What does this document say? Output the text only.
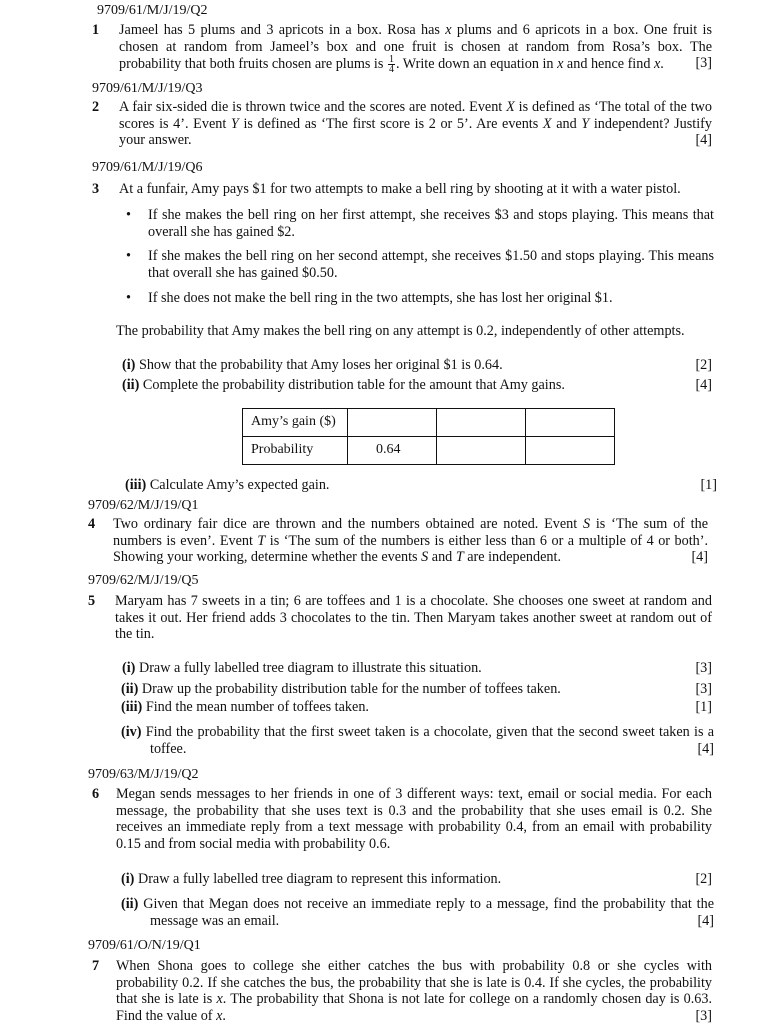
9709/61/M/J/19/Q2
1 Jameel has 5 plums and 3 apricots in a box. Rosa has x plums and 6 apricots in a box. One fruit is chosen at random from Jameel’s box and one fruit is chosen at random from Rosa’s box. The probability that both fruits chosen are plums is $\frac{1}{4}$ . Write down an equation in x and hence find x.	[3]
9709/61/M/J/19/Q3
2 A fair six-sided die is thrown twice and the scores are noted. Event X is defined as ‘The total of the two scores is 4’. Event Y is defined as ‘The first score is 2 or 5’. Are events X and Y independent? Justify your answer.	[4]
9709/61/M/J/19/Q6
3 At a funfair, Amy pays $1 for two attempts to make a bell ring by shooting at it with a water pistol.
• If she makes the bell ring on her first attempt, she receives $3 and stops playing. This means that overall she has gained $2.
• If she makes the bell ring on her second attempt, she receives $1.50 and stops playing. This means that overall she has gained $0.50.
• If she does not make the bell ring in the two attempts, she has lost her original $1.
The probability that Amy makes the bell ring on any attempt is 0.2, independently of other attempts.
(i) Show that the probability that Amy loses her original $1 is 0.64.	[2]
(ii) Complete the probability distribution table for the amount that Amy gains.	[4]
Amy’s gain ($)			
Probability	0.64		
(iii) Calculate Amy’s expected gain.	[1]
9709/62/M/J/19/Q1
4 Two ordinary fair dice are thrown and the numbers obtained are noted. Event S is ‘The sum of the numbers is even’. Event T is ‘The sum of the numbers is either less than 6 or a multiple of 4 or both’. Showing your working, determine whether the events S and T are independent.	[4]
9709/62/M/J/19/Q5
5 Maryam has 7 sweets in a tin; 6 are toffees and 1 is a chocolate. She chooses one sweet at random and takes it out. Her friend adds 3 chocolates to the tin. Then Maryam takes another sweet at random out of the tin.
(i) Draw a fully labelled tree diagram to illustrate this situation.	[3]
(ii) Draw up the probability distribution table for the number of toffees taken.	[3]
(iii) Find the mean number of toffees taken.	[1]
(iv) Find the probability that the first sweet taken is a chocolate, given that the second sweet taken is a toffee.	[4]
9709/63/M/J/19/Q2
6 Megan sends messages to her friends in one of 3 different ways: text, email or social media. For each message, the probability that she uses text is 0.3 and the probability that she uses email is 0.2. She receives an immediate reply from a text message with probability 0.4, from an email with probability 0.15 and from social media with probability 0.6.
(i) Draw a fully labelled tree diagram to represent this information.	[2]
(ii) Given that Megan does not receive an immediate reply to a message, find the probability that the message was an email.	[4]
9709/61/O/N/19/Q1
7 When Shona goes to college she either catches the bus with probability 0.8 or she cycles with probability 0.2. If she catches the bus, the probability that she is late is 0.4. If she cycles, the probability that she is late is x. The probability that Shona is not late for college on a randomly chosen day is 0.63. Find the value of x.	[3]
